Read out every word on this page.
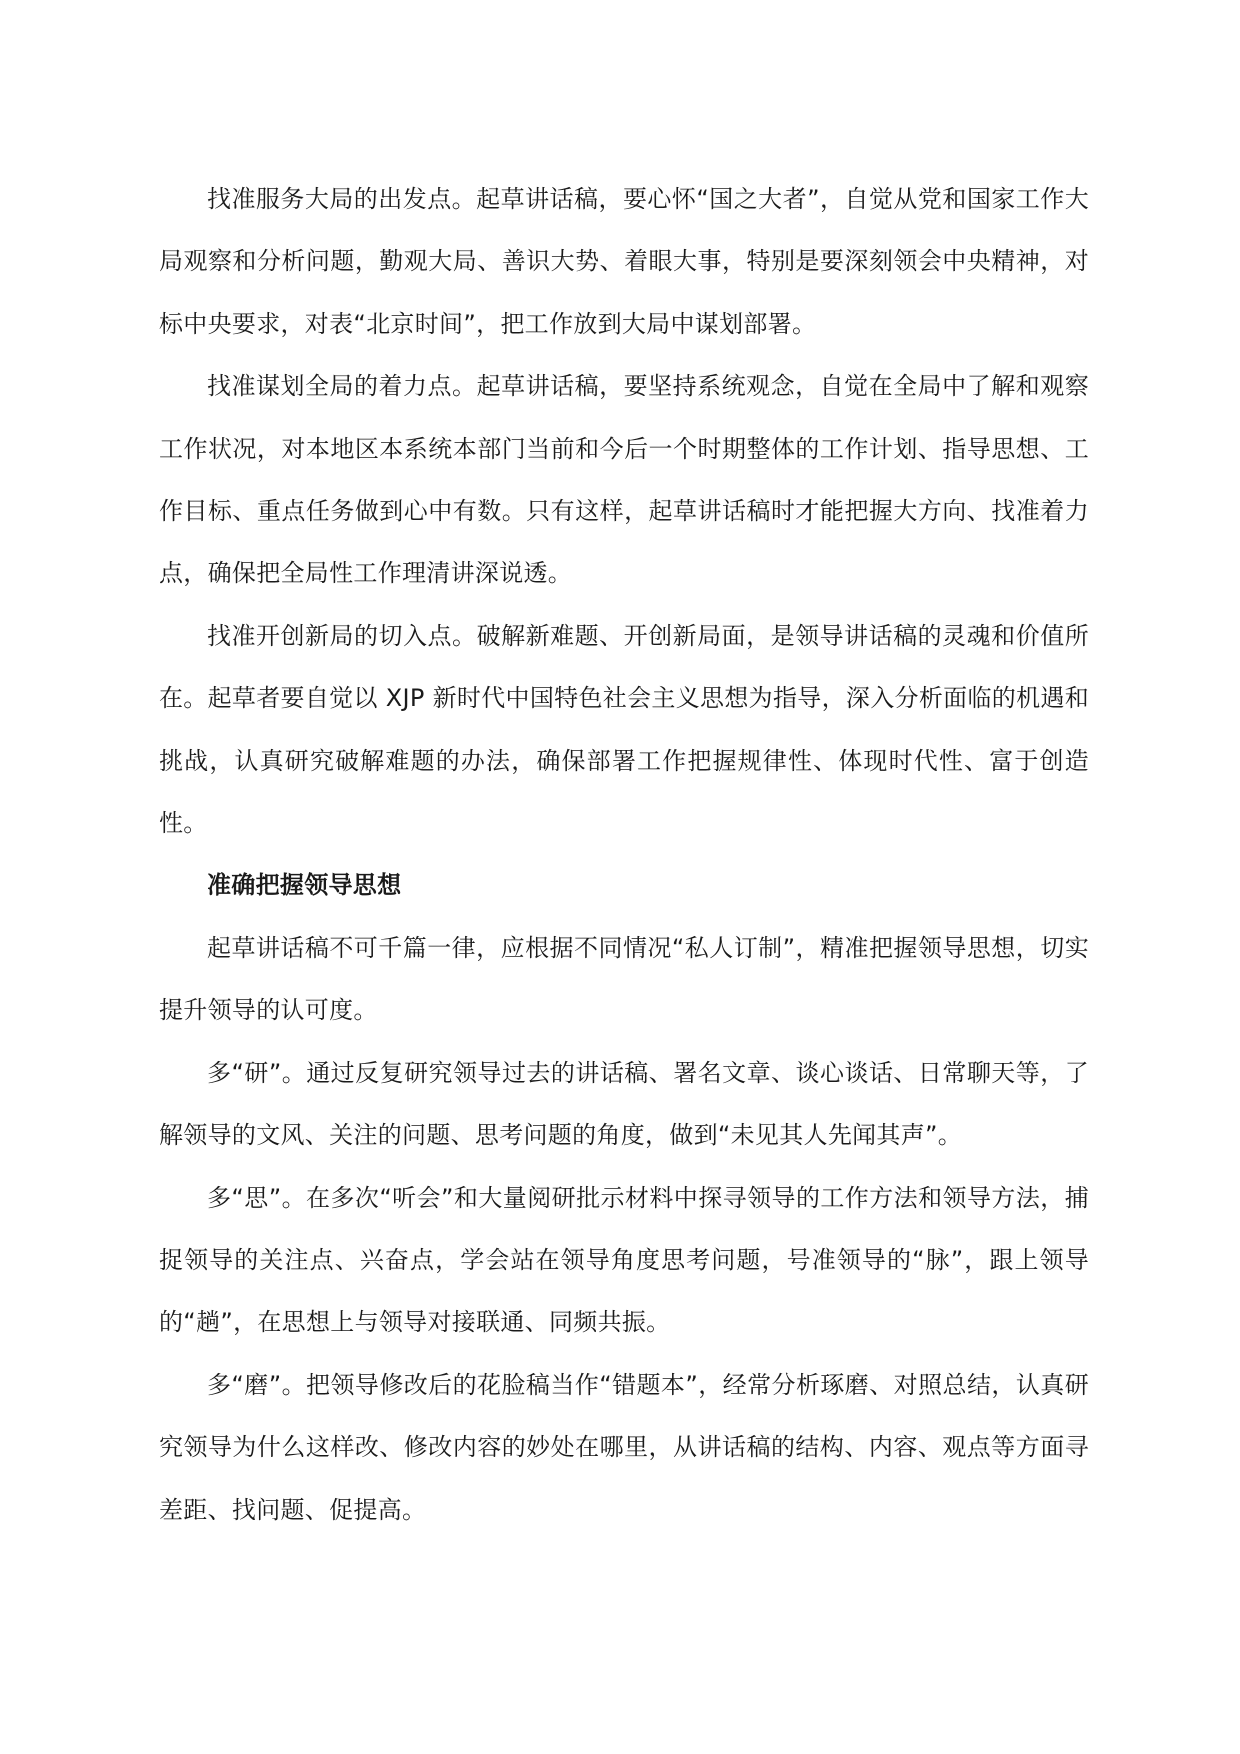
找准服务大局的出发点。起草讲话稿，要心怀“国之大者”，自觉从党和国家工作大局观察和分析问题，勤观大局、善识大势、着眼大事，特别是要深刻领会中央精神，对标中央要求，对表“北京时间”，把工作放到大局中谋划部署。

找准谋划全局的着力点。起草讲话稿，要坚持系统观念，自觉在全局中了解和观察工作状况，对本地区本系统本部门当前和今后一个时期整体的工作计划、指导思想、工作目标、重点任务做到心中有数。只有这样，起草讲话稿时才能把握大方向、找准着力点，确保把全局性工作理清讲深说透。

找准开创新局的切入点。破解新难题、开创新局面，是领导讲话稿的灵魂和价值所在。起草者要自觉以 XJP 新时代中国特色社会主义思想为指导，深入分析面临的机遇和挑战，认真研究破解难题的办法，确保部署工作把握规律性、体现时代性、富于创造性。

准确把握领导思想

起草讲话稿不可千篇一律，应根据不同情况“私人订制”，精准把握领导思想，切实提升领导的认可度。

多“研”。通过反复研究领导过去的讲话稿、署名文章、谈心谈话、日常聊天等，了解领导的文风、关注的问题、思考问题的角度，做到“未见其人先闻其声”。

多“思”。在多次“听会”和大量阅研批示材料中探寻领导的工作方法和领导方法，捕捉领导的关注点、兴奋点，学会站在领导角度思考问题，号准领导的“脉”，跟上领导的“趟”，在思想上与领导对接联通、同频共振。

多“磨”。把领导修改后的花脸稿当作“错题本”，经常分析琢磨、对照总结，认真研究领导为什么这样改、修改内容的妙处在哪里，从讲话稿的结构、内容、观点等方面寻差距、找问题、促提高。
